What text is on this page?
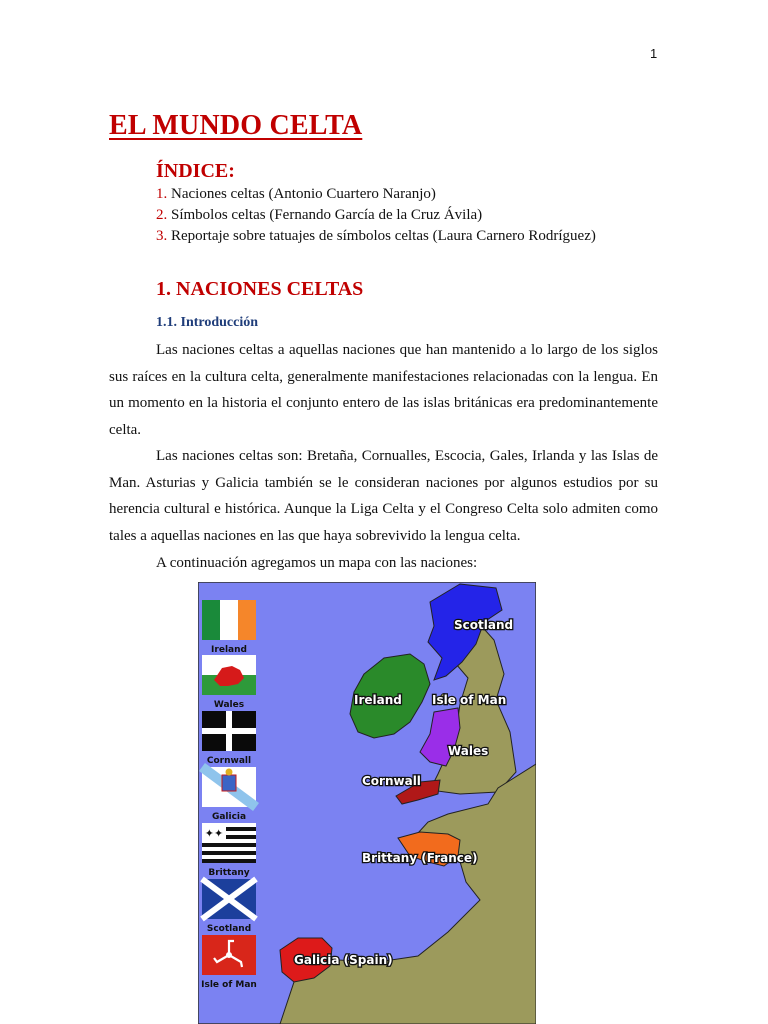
1
EL MUNDO CELTA
ÍNDICE:
1. Naciones celtas (Antonio Cuartero Naranjo)
2. Símbolos celtas (Fernando García de la Cruz Ávila)
3. Reportaje sobre tatuajes de símbolos celtas (Laura Carnero Rodríguez)
1. NACIONES CELTAS
1.1. Introducción

Las naciones celtas a aquellas naciones que han mantenido a lo largo de los siglos sus raíces en la cultura celta, generalmente manifestaciones relacionadas con la lengua. En un momento en la historia el conjunto entero de las islas británicas era predominantemente celta.

Las naciones celtas son: Bretaña, Cornualles, Escocia, Gales, Irlanda y las Islas de Man. Asturias y Galicia también se le consideran naciones por algunos estudios por su herencia cultural e histórica. Aunque la Liga Celta y el Congreso Celta solo admiten como tales a aquellas naciones en las que haya sobrevivido la lengua celta.

A continuación agregamos un mapa con las naciones:

Ireland
Wales
Cornwall
Galicia
✦✦
Brittany
Scotland
Isle of Man
Scotland
Ireland	Isle of Man
Wales
Cornwall
Brittany (France)
Galicia (Spain)
